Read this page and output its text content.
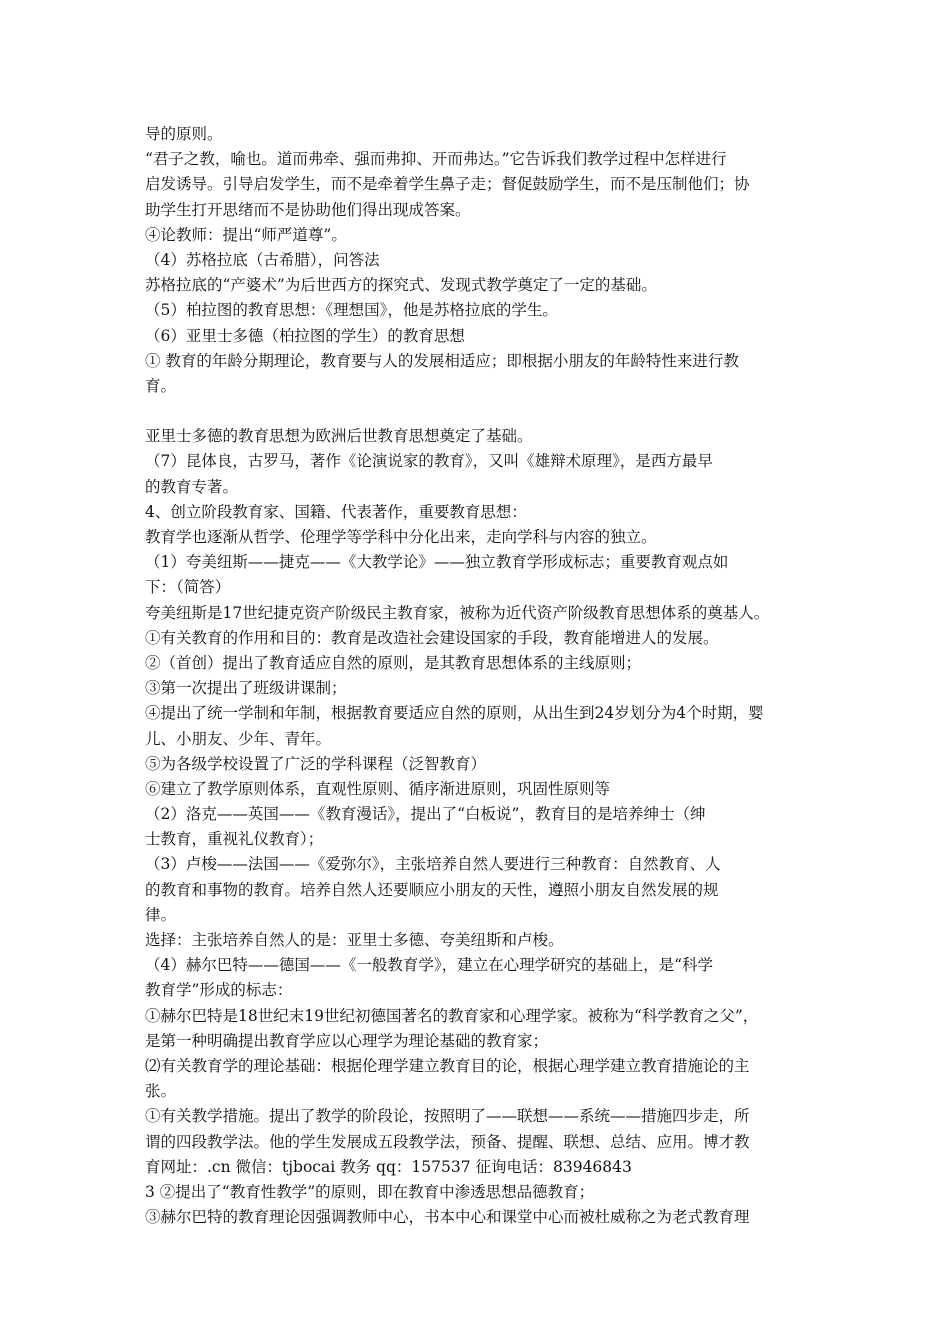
导的原则。
“君子之教，喻也。道而弗牵、强而弗抑、开而弗达。”它告诉我们教学过程中怎样进行
启发诱导。引导启发学生，而不是牵着学生鼻子走；督促鼓励学生，而不是压制他们；协
助学生打开思绪而不是协助他们得出现成答案。
④论教师：提出“师严道尊”。
（4）苏格拉底（古希腊），问答法
苏格拉底的“产婆术”为后世西方的探究式、发现式教学奠定了一定的基础。
（5）柏拉图的教育思想：《理想国》，他是苏格拉底的学生。
（6）亚里士多德（柏拉图的学生）的教育思想
① 教育的年龄分期理论，教育要与人的发展相适应；即根据小朋友的年龄特性来进行教
育。
亚里士多德的教育思想为欧洲后世教育思想奠定了基础。
（7）昆体良，古罗马，著作《论演说家的教育》，又叫《雄辩术原理》，是西方最早
的教育专著。
4、创立阶段教育家、国籍、代表著作，重要教育思想：
教育学也逐渐从哲学、伦理学等学科中分化出来，走向学科与内容的独立。
（1）夸美纽斯——捷克——《大教学论》——独立教育学形成标志；重要教育观点如
下：（简答）
夸美纽斯是17世纪捷克资产阶级民主教育家，被称为近代资产阶级教育思想体系的奠基人。
①有关教育的作用和目的：教育是改造社会建设国家的手段，教育能增进人的发展。
②（首创）提出了教育适应自然的原则，是其教育思想体系的主线原则；
③第一次提出了班级讲课制；
④提出了统一学制和年制，根据教育要适应自然的原则，从出生到24岁划分为4个时期，婴
儿、小朋友、少年、青年。
⑤为各级学校设置了广泛的学科课程（泛智教育）
⑥建立了教学原则体系，直观性原则、循序渐进原则，巩固性原则等
（2）洛克——英国——《教育漫话》，提出了“白板说”，教育目的是培养绅士（绅
士教育，重视礼仪教育）；
（3）卢梭——法国——《爱弥尔》，主张培养自然人要进行三种教育：自然教育、人
的教育和事物的教育。培养自然人还要顺应小朋友的天性，遵照小朋友自然发展的规
律。
选择：主张培养自然人的是：亚里士多德、夸美纽斯和卢梭。
（4）赫尔巴特——德国——《一般教育学》，建立在心理学研究的基础上，是“科学
教育学”形成的标志：
①赫尔巴特是18世纪末19世纪初德国著名的教育家和心理学家。被称为“科学教育之父”，
是第一种明确提出教育学应以心理学为理论基础的教育家；
⑵有关教育学的理论基础：根据伦理学建立教育目的论，根据心理学建立教育措施论的主
张。
①有关教学措施。提出了教学的阶段论，按照明了——联想——系统——措施四步走，所
谓的四段教学法。他的学生发展成五段教学法，预备、提醒、联想、总结、应用。博才教
育网址：.cn 微信：tjbocai 教务 qq：157537 征询电话：83946843
3 ②提出了“教育性教学”的原则，即在教育中渗透思想品德教育；
③赫尔巴特的教育理论因强调教师中心，书本中心和课堂中心而被杜威称之为老式教育理
